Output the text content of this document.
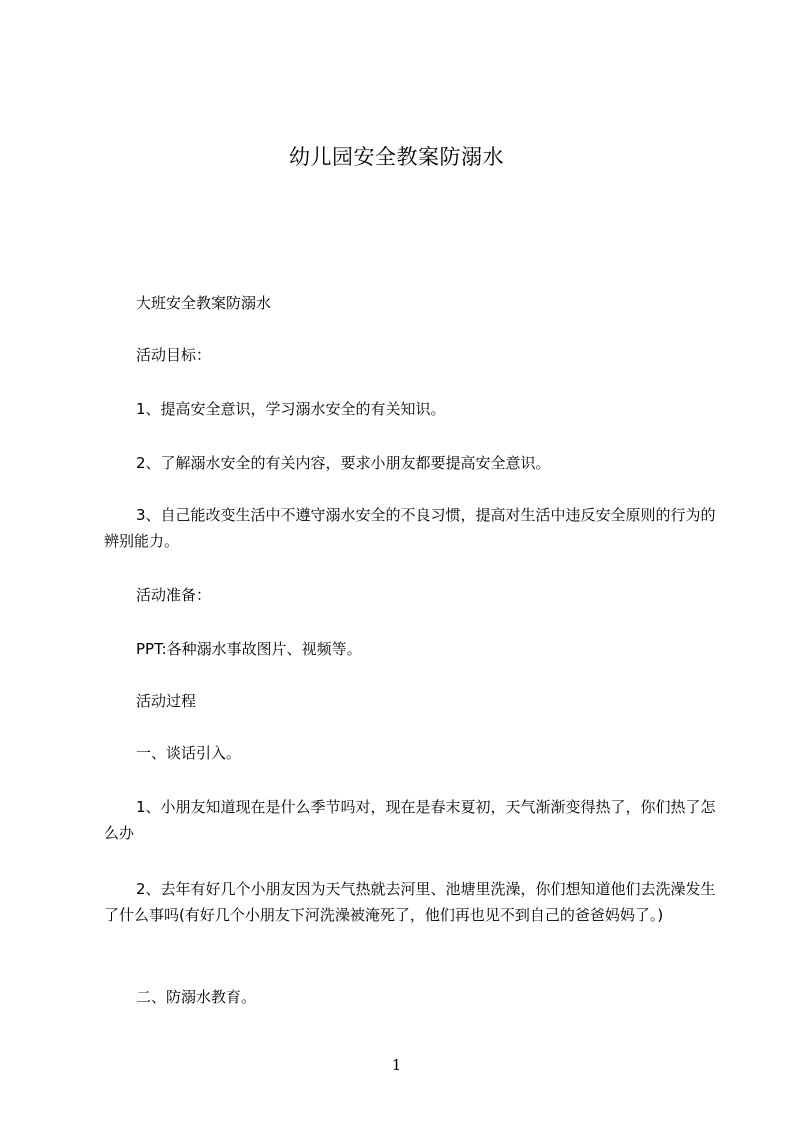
幼儿园安全教案防溺水

大班安全教案防溺水

活动目标：

1、提高安全意识，学习溺水安全的有关知识。

2、了解溺水安全的有关内容，要求小朋友都要提高安全意识。

3、自己能改变生活中不遵守溺水安全的不良习惯，提高对生活中违反安全原则的行为的辨别能力。

活动准备：

PPT:各种溺水事故图片、视频等。

活动过程

一、谈话引入。

1、小朋友知道现在是什么季节吗对，现在是春末夏初，天气渐渐变得热了，你们热了怎么办

2、去年有好几个小朋友因为天气热就去河里、池塘里洗澡，你们想知道他们去洗澡发生了什么事吗(有好几个小朋友下河洗澡被淹死了，他们再也见不到自己的爸爸妈妈了。)

二、防溺水教育。

1
